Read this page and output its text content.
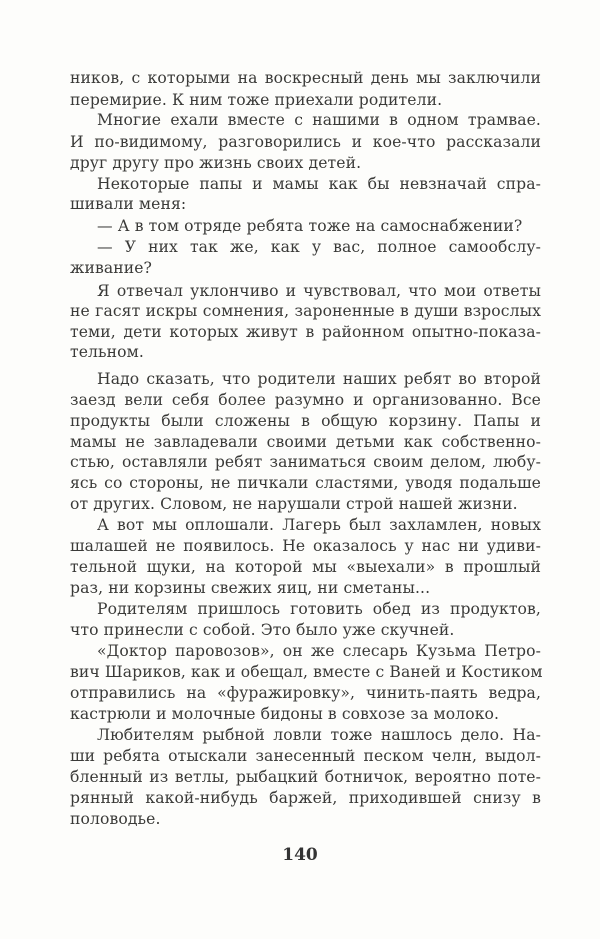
ников, с которыми на воскресный день мы заключили
перемирие. К ним тоже приехали родители.
Многие ехали вместе с нашими в одном трамвае.
И по-видимому, разговорились и кое-что рассказали
друг другу про жизнь своих детей.
Некоторые папы и мамы как бы невзначай спра-
шивали меня:
— А в том отряде ребята тоже на самоснабжении?
— У них так же, как у вас, полное самообслу-
живание?
Я отвечал уклончиво и чувствовал, что мои ответы
не гасят искры сомнения, зароненные в души взрослых
теми, дети которых живут в районном опытно-показа-
тельном.
Надо сказать, что родители наших ребят во второй
заезд вели себя более разумно и организованно. Все
продукты были сложены в общую корзину. Папы и
мамы не завладевали своими детьми как собственно-
стью, оставляли ребят заниматься своим делом, любу-
ясь со стороны, не пичкали сластями, уводя подальше
от других. Словом, не нарушали строй нашей жизни.
А вот мы оплошали. Лагерь был захламлен, новых
шалашей не появилось. Не оказалось у нас ни удиви-
тельной щуки, на которой мы «выехали» в прошлый
раз, ни корзины свежих яиц, ни сметаны...
Родителям пришлось готовить обед из продуктов,
что принесли с собой. Это было уже скучней.
«Доктор паровозов», он же слесарь Кузьма Петро-
вич Шариков, как и обещал, вместе с Ваней и Костиком
отправились на «фуражировку», чинить-паять ведра,
кастрюли и молочные бидоны в совхозе за молоко.
Любителям рыбной ловли тоже нашлось дело. На-
ши ребята отыскали занесенный песком челн, выдол-
бленный из ветлы, рыбацкий ботничок, вероятно поте-
рянный какой-нибудь баржей, приходившей снизу в
половодье.
140
